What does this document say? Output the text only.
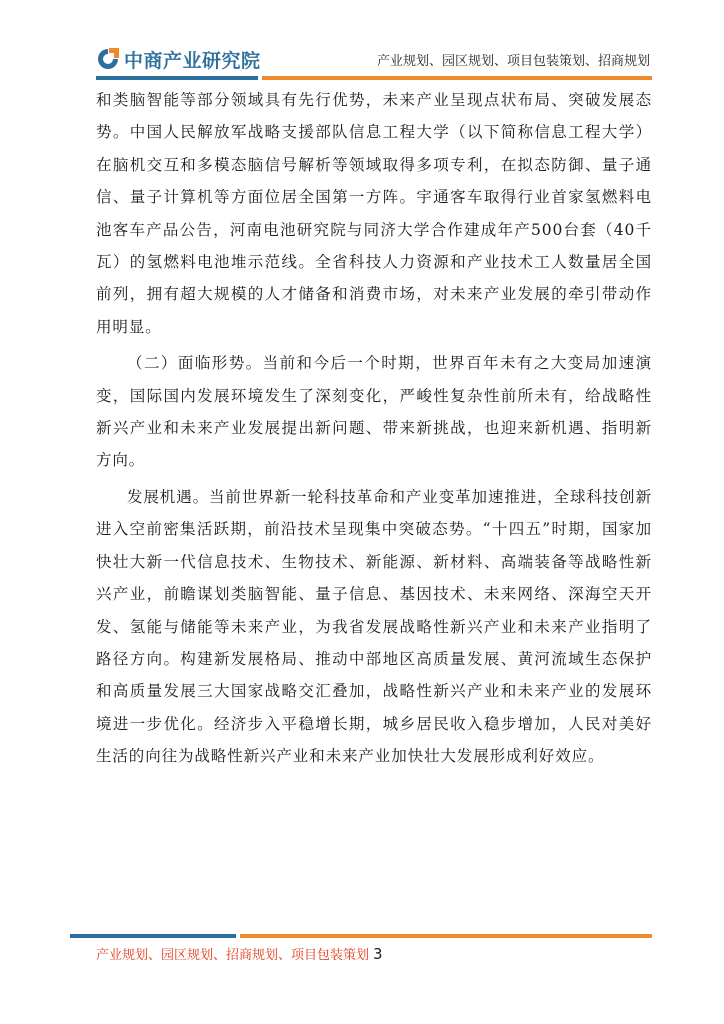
中商产业研究院	产业规划、园区规划、项目包装策划、招商规划

和类脑智能等部分领域具有先行优势，未来产业呈现点状布局、突破发展态势。中国人民解放军战略支援部队信息工程大学（以下简称信息工程大学）在脑机交互和多模态脑信号解析等领域取得多项专利，在拟态防御、量子通信、量子计算机等方面位居全国第一方阵。宇通客车取得行业首家氢燃料电池客车产品公告，河南电池研究院与同济大学合作建成年产500台套（40千瓦）的氢燃料电池堆示范线。全省科技人力资源和产业技术工人数量居全国前列，拥有超大规模的人才储备和消费市场，对未来产业发展的牵引带动作用明显。

（二）面临形势。当前和今后一个时期，世界百年未有之大变局加速演变，国际国内发展环境发生了深刻变化，严峻性复杂性前所未有，给战略性新兴产业和未来产业发展提出新问题、带来新挑战，也迎来新机遇、指明新方向。

发展机遇。当前世界新一轮科技革命和产业变革加速推进，全球科技创新进入空前密集活跃期，前沿技术呈现集中突破态势。“十四五”时期，国家加快壮大新一代信息技术、生物技术、新能源、新材料、高端装备等战略性新兴产业，前瞻谋划类脑智能、量子信息、基因技术、未来网络、深海空天开发、氢能与储能等未来产业，为我省发展战略性新兴产业和未来产业指明了路径方向。构建新发展格局、推动中部地区高质量发展、黄河流域生态保护和高质量发展三大国家战略交汇叠加，战略性新兴产业和未来产业的发展环境进一步优化。经济步入平稳增长期，城乡居民收入稳步增加，人民对美好生活的向往为战略性新兴产业和未来产业加快壮大发展形成利好效应。

产业规划、园区规划、招商规划、项目包装策划 3
